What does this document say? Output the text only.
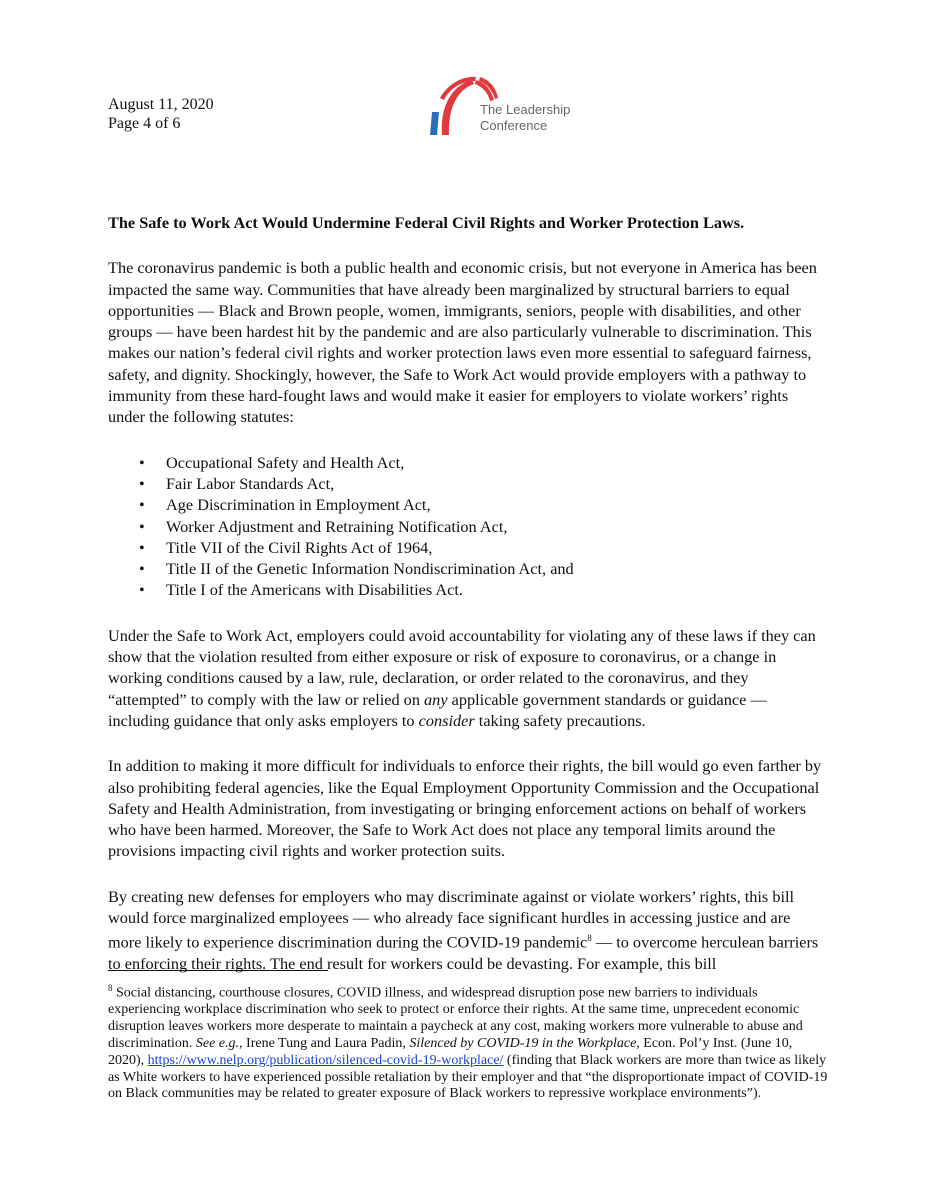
August 11, 2020
Page 4 of 6
The Leadership
Conference
The Safe to Work Act Would Undermine Federal Civil Rights and Worker Protection Laws.

The coronavirus pandemic is both a public health and economic crisis, but not everyone in America has been impacted the same way. Communities that have already been marginalized by structural barriers to equal opportunities — Black and Brown people, women, immigrants, seniors, people with disabilities, and other groups — have been hardest hit by the pandemic and are also particularly vulnerable to discrimination. This makes our nation’s federal civil rights and worker protection laws even more essential to safeguard fairness, safety, and dignity. Shockingly, however, the Safe to Work Act would provide employers with a pathway to immunity from these hard-fought laws and would make it easier for employers to violate workers’ rights under the following statutes:

• Occupational Safety and Health Act,
• Fair Labor Standards Act,
• Age Discrimination in Employment Act,
• Worker Adjustment and Retraining Notification Act,
• Title VII of the Civil Rights Act of 1964,
• Title II of the Genetic Information Nondiscrimination Act, and
• Title I of the Americans with Disabilities Act.

Under the Safe to Work Act, employers could avoid accountability for violating any of these laws if they can show that the violation resulted from either exposure or risk of exposure to coronavirus, or a change in working conditions caused by a law, rule, declaration, or order related to the coronavirus, and they “attempted” to comply with the law or relied on any applicable government standards or guidance — including guidance that only asks employers to consider taking safety precautions.

In addition to making it more difficult for individuals to enforce their rights, the bill would go even farther by also prohibiting federal agencies, like the Equal Employment Opportunity Commission and the Occupational Safety and Health Administration, from investigating or bringing enforcement actions on behalf of workers who have been harmed. Moreover, the Safe to Work Act does not place any temporal limits around the provisions impacting civil rights and worker protection suits.

By creating new defenses for employers who may discriminate against or violate workers’ rights, this bill would force marginalized employees — who already face significant hurdles in accessing justice and are more likely to experience discrimination during the COVID-19 pandemic$^8$ — to overcome herculean barriers to enforcing their rights. The end result for workers could be devasting. For example, this bill

$^8$ Social distancing, courthouse closures, COVID illness, and widespread disruption pose new barriers to individuals experiencing workplace discrimination who seek to protect or enforce their rights. At the same time, unprecedent economic disruption leaves workers more desperate to maintain a paycheck at any cost, making workers more vulnerable to abuse and discrimination. See e.g., Irene Tung and Laura Padin, Silenced by COVID-19 in the Workplace, Econ. Pol’y Inst. (June 10, 2020), https://www.nelp.org/publication/silenced-covid-19-workplace/ (finding that Black workers are more than twice as likely as White workers to have experienced possible retaliation by their employer and that “the disproportionate impact of COVID-19 on Black communities may be related to greater exposure of Black workers to repressive workplace environments”).
